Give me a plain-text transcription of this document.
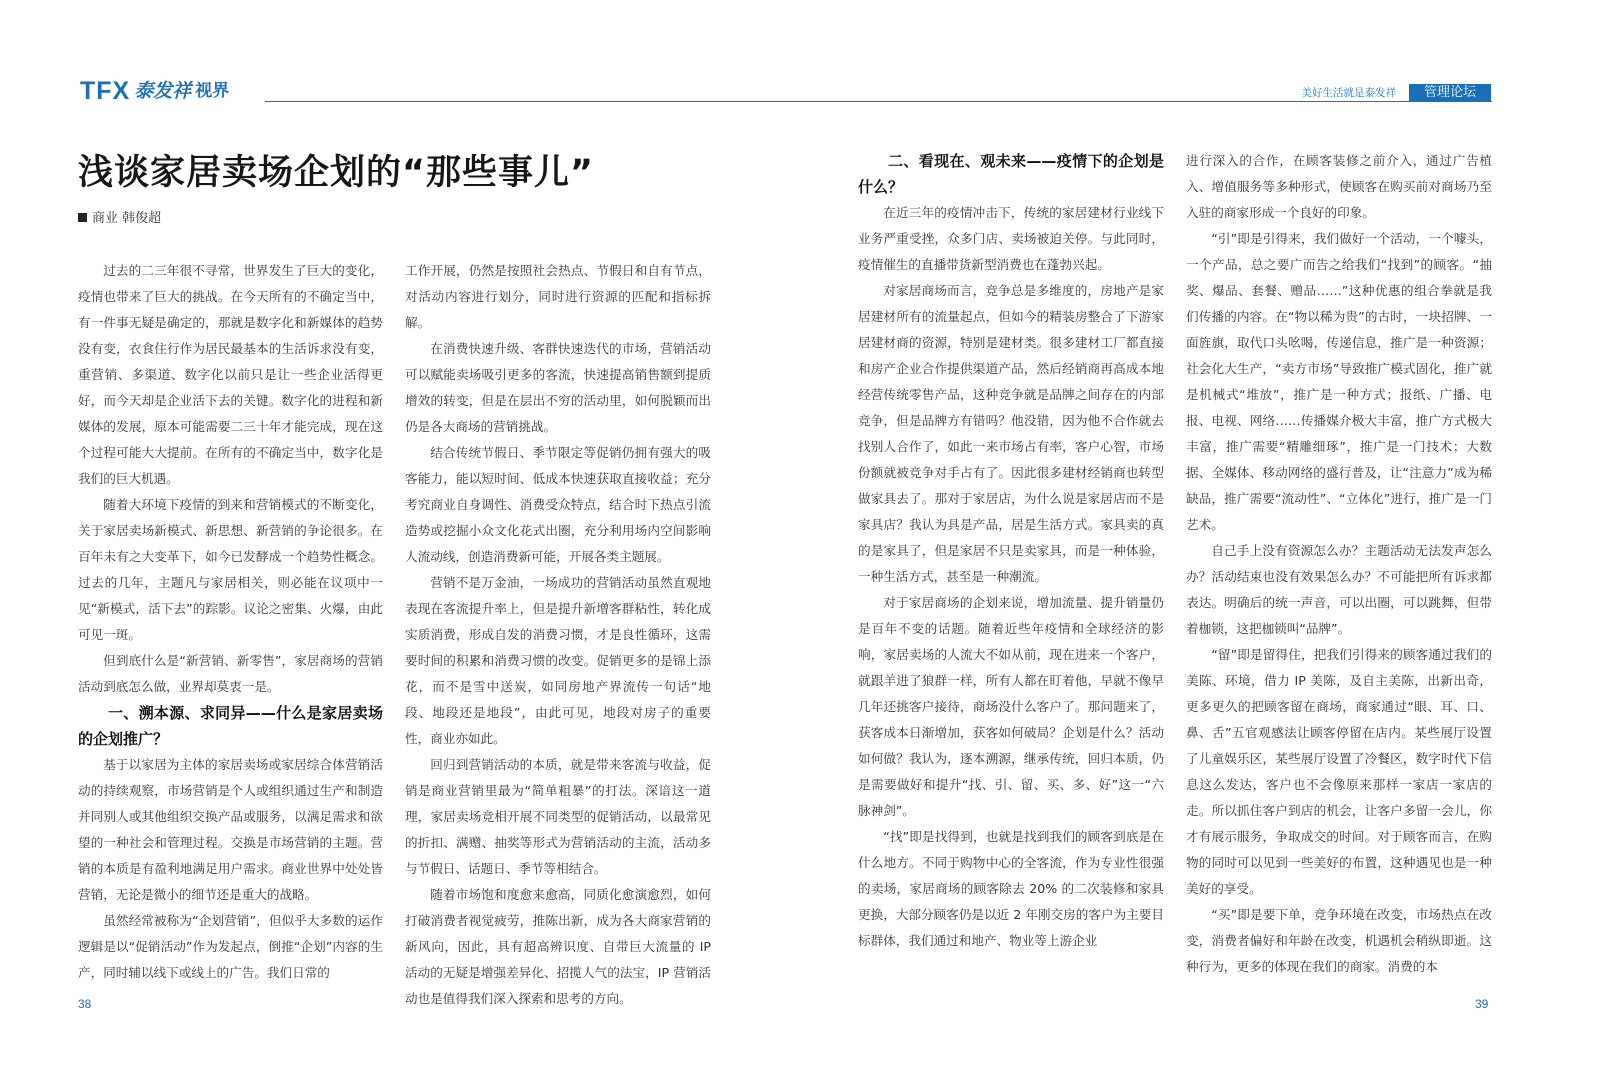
TFX 泰发祥 视界	美好生活就是泰发祥	管理论坛
浅谈家居卖场企划的“那些事儿”
商业 韩俊超

过去的二三年很不寻常，世界发生了巨大的变化，疫情也带来了巨大的挑战。在今天所有的不确定当中，有一件事无疑是确定的，那就是数字化和新媒体的趋势没有变，衣食住行作为居民最基本的生活诉求没有变，重营销、多渠道、数字化以前只是让一些企业活得更好，而今天却是企业活下去的关键。数字化的进程和新媒体的发展，原本可能需要二三十年才能完成，现在这个过程可能大大提前。在所有的不确定当中，数字化是我们的巨大机遇。

随着大环境下疫情的到来和营销模式的不断变化，关于家居卖场新模式、新思想、新营销的争论很多。在百年未有之大变革下，如今已发酵成一个趋势性概念。过去的几年，主题凡与家居相关，则必能在议项中一见“新模式，活下去”的踪影。议论之密集、火爆，由此可见一斑。

但到底什么是“新营销、新零售”，家居商场的营销活动到底怎么做，业界却莫衷一是。

一、溯本源、求同异——什么是家居卖场的企划推广？

基于以家居为主体的家居卖场或家居综合体营销活动的持续观察，市场营销是个人或组织通过生产和制造并同别人或其他组织交换产品或服务，以满足需求和欲望的一种社会和管理过程。交换是市场营销的主题。营销的本质是有盈利地满足用户需求。商业世界中处处皆营销，无论是微小的细节还是重大的战略。

虽然经常被称为“企划营销”，但似乎大多数的运作逻辑是以“促销活动”作为发起点，倒推“企划”内容的生产，同时辅以线下或线上的广告。我们日常的

工作开展，仍然是按照社会热点、节假日和自有节点，对活动内容进行划分，同时进行资源的匹配和指标拆解。

在消费快速升级、客群快速迭代的市场，营销活动可以赋能卖场吸引更多的客流，快速提高销售额到提质增效的转变，但是在层出不穷的活动里，如何脱颖而出仍是各大商场的营销挑战。

结合传统节假日、季节限定等促销仍拥有强大的吸客能力，能以短时间、低成本快速获取直接收益；充分考究商业自身调性、消费受众特点，结合时下热点引流造势或挖掘小众文化花式出圈，充分利用场内空间影响人流动线，创造消费新可能，开展各类主题展。

营销不是万金油，一场成功的营销活动虽然直观地表现在客流提升率上，但是提升新增客群粘性，转化成实质消费，形成自发的消费习惯，才是良性循环，这需要时间的积累和消费习惯的改变。促销更多的是锦上添花，而不是雪中送炭，如同房地产界流传一句话“地段、地段还是地段”，由此可见，地段对房子的重要性，商业亦如此。

回归到营销活动的本质，就是带来客流与收益，促销是商业营销里最为“简单粗暴”的打法。深谙这一道理，家居卖场竞相开展不同类型的促销活动，以最常见的折扣、满赠、抽奖等形式为营销活动的主流，活动多与节假日、话题日、季节等相结合。

随着市场饱和度愈来愈高，同质化愈演愈烈，如何打破消费者视觉疲劳，推陈出新，成为各大商家营销的新风向，因此，具有超高辨识度、自带巨大流量的 IP 活动的无疑是增强差异化、招揽人气的法宝，IP 营销活动也是值得我们深入探索和思考的方向。

二、看现在、观未来——疫情下的企划是什么？

在近三年的疫情冲击下，传统的家居建材行业线下业务严重受挫，众多门店、卖场被迫关停。与此同时，疫情催生的直播带货新型消费也在蓬勃兴起。

对家居商场而言，竞争总是多维度的，房地产是家居建材所有的流量起点，但如今的精装房整合了下游家居建材商的资源，特别是建材类。很多建材工厂都直接和房产企业合作提供渠道产品，然后经销商再高成本地经营传统零售产品，这种竞争就是品牌之间存在的内部竞争，但是品牌方有错吗？他没错，因为他不合作就去找别人合作了，如此一来市场占有率，客户心智，市场份额就被竞争对手占有了。因此很多建材经销商也转型做家具去了。那对于家居店，为什么说是家居店而不是家具店？我认为具是产品，居是生活方式。家具卖的真的是家具了，但是家居不只是卖家具，而是一种体验，一种生活方式，甚至是一种潮流。

对于家居商场的企划来说，增加流量、提升销量仍是百年不变的话题。随着近些年疫情和全球经济的影响，家居卖场的人流大不如从前，现在进来一个客户，就跟羊进了狼群一样，所有人都在盯着他，早就不像早几年还挑客户接待，商场没什么客户了。那问题来了，获客成本日渐增加，获客如何破局？企划是什么？活动如何做？我认为，逐本溯源，继承传统，回归本质，仍是需要做好和提升“找、引、留、买、多、好”这一“六脉神剑”。

“找”即是找得到，也就是找到我们的顾客到底是在什么地方。不同于购物中心的全客流，作为专业性很强的卖场，家居商场的顾客除去 20% 的二次装修和家具更换，大部分顾客仍是以近 2 年刚交房的客户为主要目标群体，我们通过和地产、物业等上游企业

进行深入的合作，在顾客装修之前介入，通过广告植入、增值服务等多种形式，使顾客在购买前对商场乃至入驻的商家形成一个良好的印象。

“引”即是引得来，我们做好一个活动，一个噱头，一个产品，总之要广而告之给我们“找到”的顾客。“抽奖、爆品、套餐、赠品……”这种优惠的组合拳就是我们传播的内容。在“物以稀为贵”的古时，一块招牌、一面旌旗，取代口头吆喝，传递信息，推广是一种资源；社会化大生产，“卖方市场”导致推广模式固化，推广就是机械式“堆放”，推广是一种方式；报纸、广播、电报、电视、网络……传播媒介极大丰富，推广方式极大丰富，推广需要“精雕细琢”，推广是一门技术；大数据、全媒体、移动网络的盛行普及，让“注意力”成为稀缺品，推广需要“流动性”、“立体化”进行，推广是一门艺术。

自己手上没有资源怎么办？主题活动无法发声怎么办？活动结束也没有效果怎么办？不可能把所有诉求都表达。明确后的统一声音，可以出圈，可以跳舞，但带着枷锁，这把枷锁叫“品牌”。

“留”即是留得住，把我们引得来的顾客通过我们的美陈、环境，借力 IP 美陈，及自主美陈，出新出奇，更多更久的把顾客留在商场，商家通过“眼、耳、口、鼻、舌”五官观感法让顾客停留在店内。某些展厅设置了儿童娱乐区，某些展厅设置了冷餐区，数字时代下信息这么发达，客户也不会像原来那样一家店一家店的走。所以抓住客户到店的机会，让客户多留一会儿，你才有展示服务，争取成交的时间。对于顾客而言，在购物的同时可以见到一些美好的布置，这种遇见也是一种美好的享受。

“买”即是要下单，竞争环境在改变，市场热点在改变，消费者偏好和年龄在改变，机遇机会稍纵即逝。这种行为，更多的体现在我们的商家。消费的本

38	39
